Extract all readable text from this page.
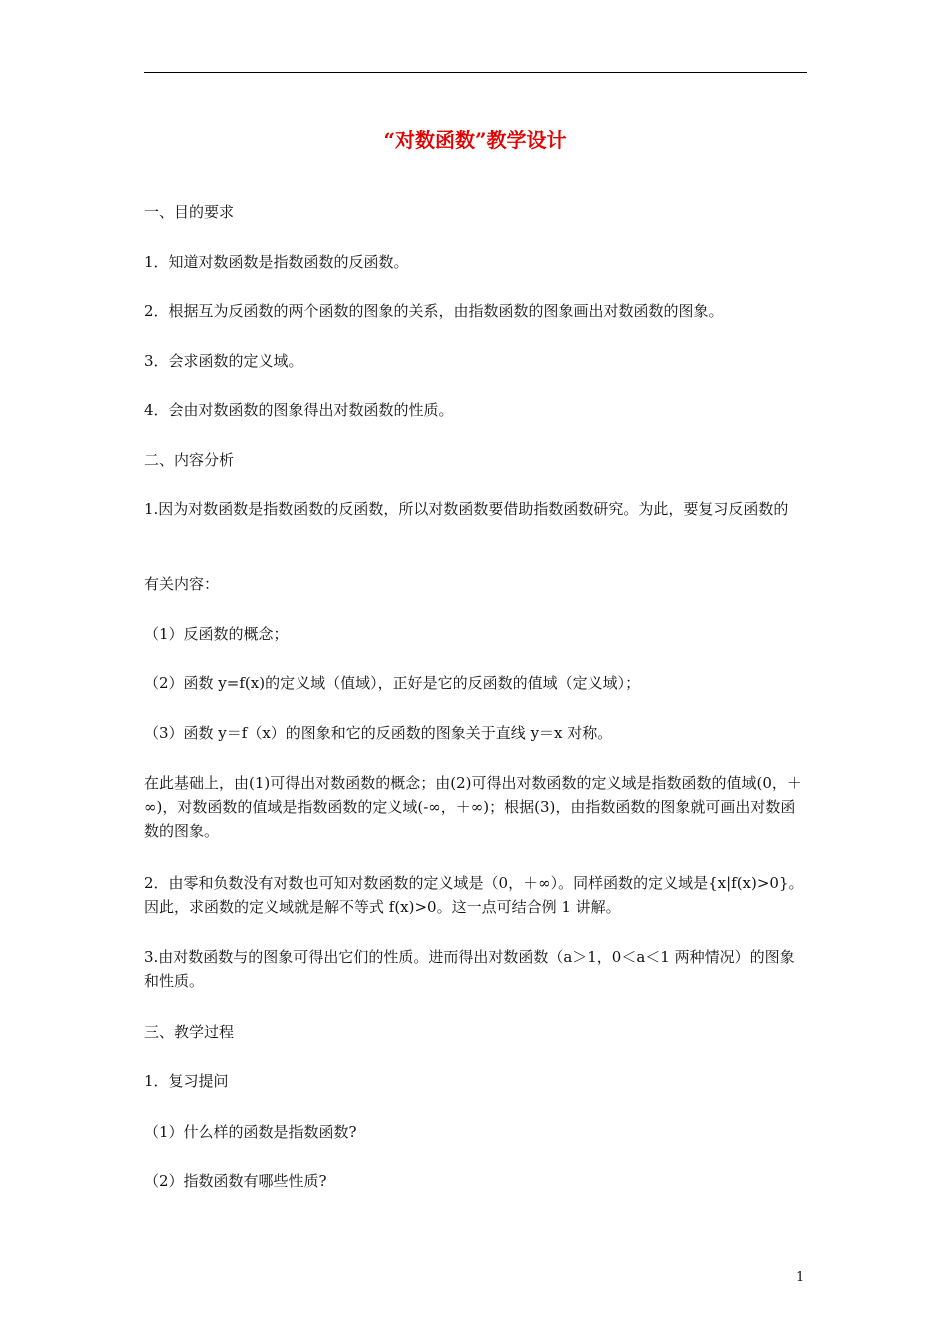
“对数函数”教学设计

一、目的要求

1．知道对数函数是指数函数的反函数。

2．根据互为反函数的两个函数的图象的关系，由指数函数的图象画出对数函数的图象。

3．会求函数的定义域。

4．会由对数函数的图象得出对数函数的性质。

二、内容分析

1.因为对数函数是指数函数的反函数，所以对数函数要借助指数函数研究。为此，要复习反函数的

有关内容：

（1）反函数的概念；

（2）函数 y=f(x)的定义域（值域），正好是它的反函数的值域（定义域）；

（3）函数 y＝f（x）的图象和它的反函数的图象关于直线 y＝x 对称。

在此基础上，由(1)可得出对数函数的概念；由(2)可得出对数函数的定义域是指数函数的值域(0，＋∞)，对数函数的值域是指数函数的定义域(-∞，＋∞)；根据(3)，由指数函数的图象就可画出对数函数的图象。

2．由零和负数没有对数也可知对数函数的定义域是（0，＋∞）。同样函数的定义域是{x|f(x)>0}。因此，求函数的定义域就是解不等式 f(x)>0。这一点可结合例 1 讲解。

3.由对数函数与的图象可得出它们的性质。进而得出对数函数（a＞1，0＜a＜1 两种情况）的图象和性质。

三、教学过程

1．复习提问

（1）什么样的函数是指数函数?

（2）指数函数有哪些性质?

1
